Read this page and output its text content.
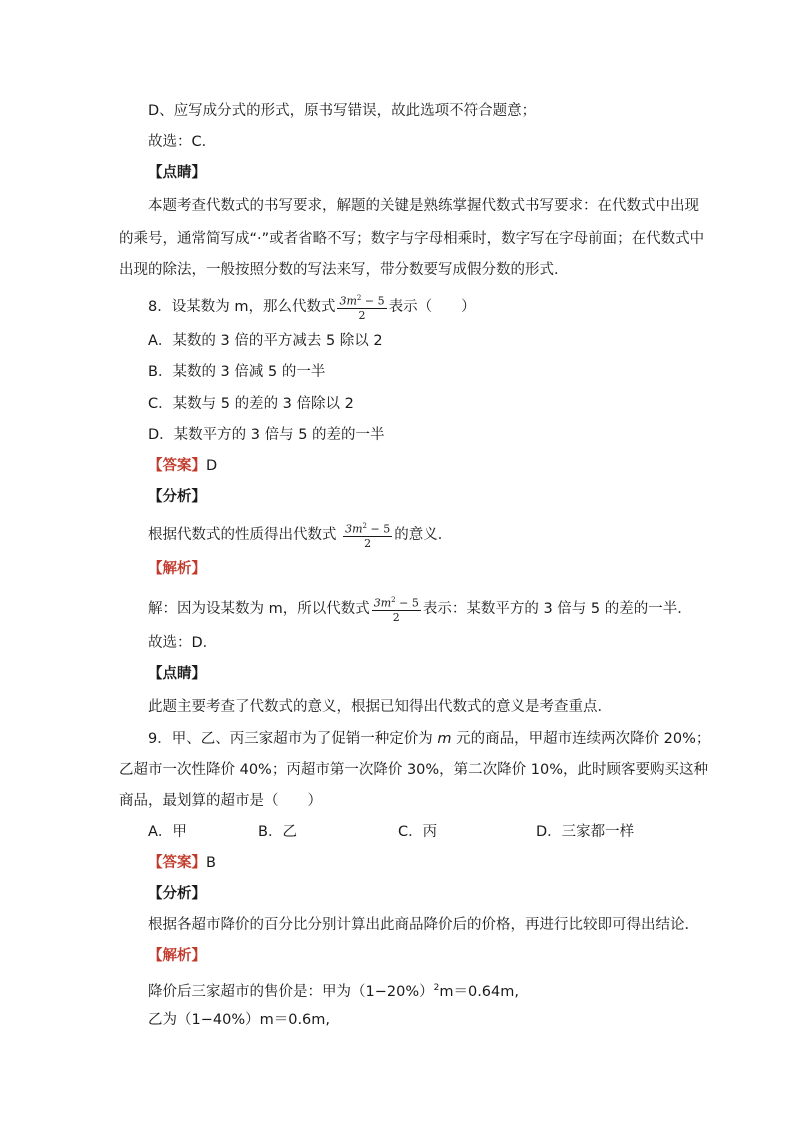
D、应写成分式的形式，原书写错误，故此选项不符合题意；
故选：C．
【点睛】
本题考查代数式的书写要求，解题的关键是熟练掌握代数式书写要求：在代数式中出现
的乘号，通常简写成“·”或者省略不写；数字与字母相乘时，数字写在字母前面；在代数式中
出现的除法，一般按照分数的写法来写，带分数要写成假分数的形式．
8．设某数为 m，那么代数式 $\frac{3m^2 - 5}{2}$ 表示（　　）
A．某数的 3 倍的平方减去 5 除以 2
B．某数的 3 倍减 5 的一半
C．某数与 5 的差的 3 倍除以 2
D．某数平方的 3 倍与 5 的差的一半
【答案】D
【分析】
根据代数式的性质得出代数式 $\frac{3m^2 - 5}{2}$ 的意义．
【解析】
解：因为设某数为 m，所以代数式 $\frac{3m^2 - 5}{2}$ 表示：某数平方的 3 倍与 5 的差的一半．
故选：D．
【点睛】
此题主要考查了代数式的意义，根据已知得出代数式的意义是考查重点．
9．甲、乙、丙三家超市为了促销一种定价为 m 元的商品，甲超市连续两次降价 20%；
乙超市一次性降价 40%；丙超市第一次降价 30%，第二次降价 10%，此时顾客要购买这种
商品，最划算的超市是（　　）
A．甲	B．乙	C．丙	D．三家都一样
【答案】B
【分析】
根据各超市降价的百分比分别计算出此商品降价后的价格，再进行比较即可得出结论．
【解析】
降价后三家超市的售价是：甲为$(1-20\%)^2m=0.64m$,
乙为（1−40%）m＝0.6m,
